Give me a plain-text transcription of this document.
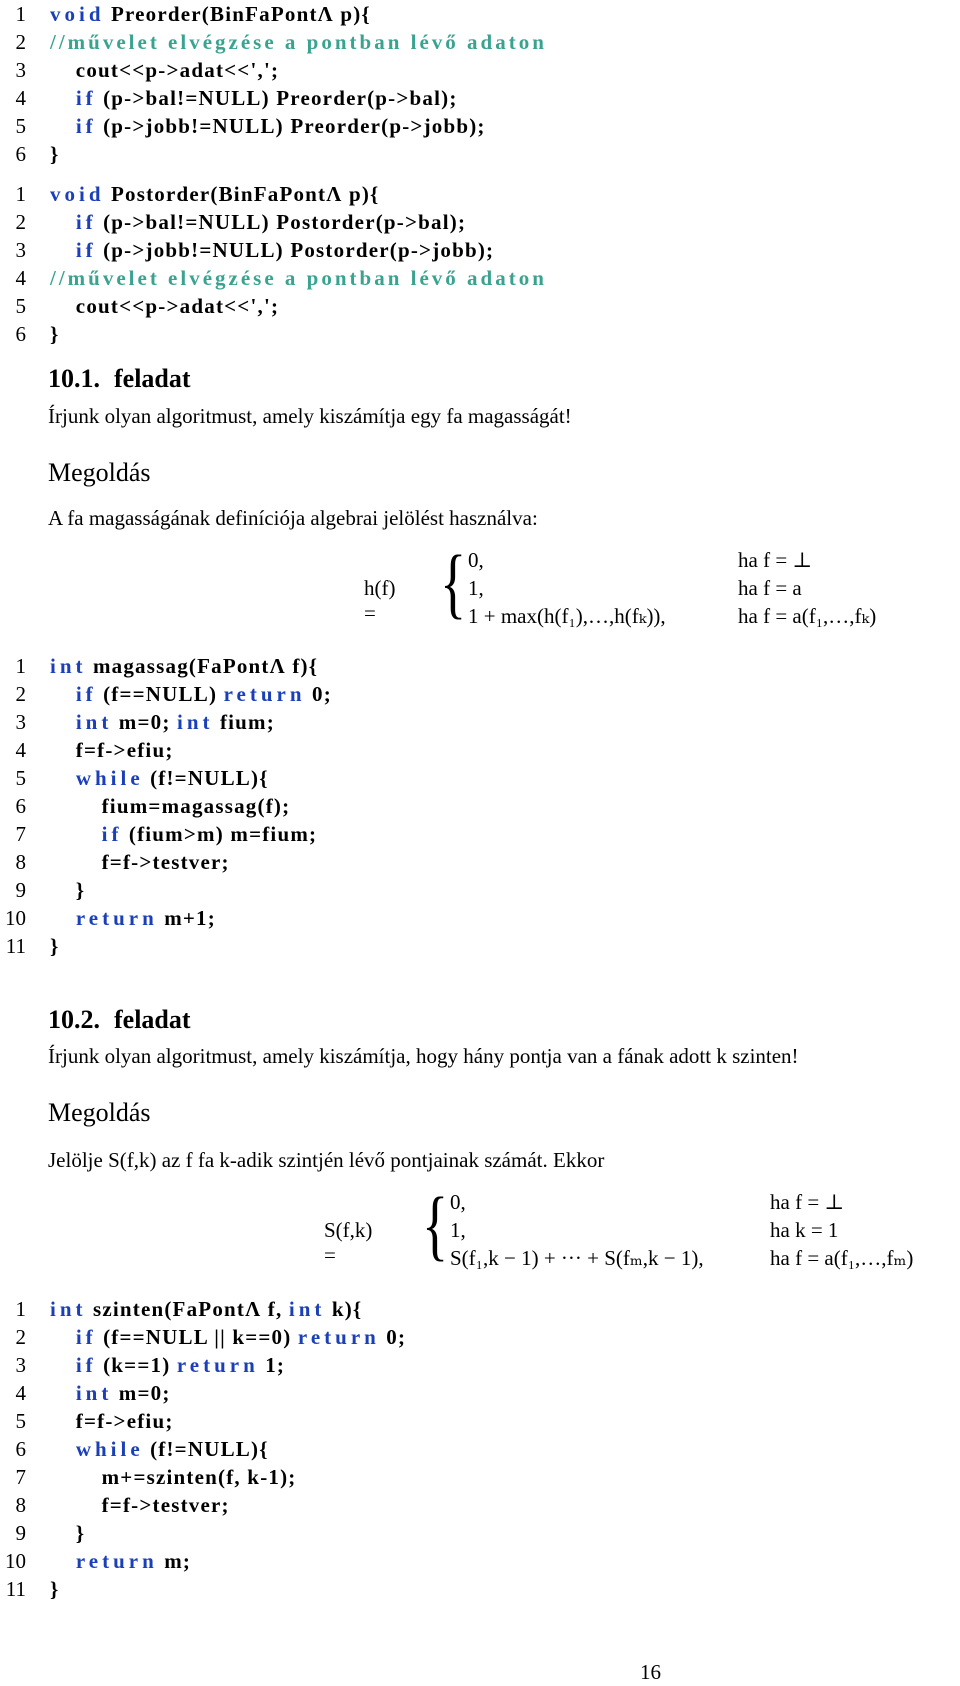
1 void Preorder(BinFaPontΛ p){
2 //művelet elvégzése a pontban lévő adaton
3 cout<<p->adat<<',';
4	if (p->bal!=NULL) Preorder(p->bal);
5	if (p->jobb!=NULL) Preorder(p->jobb);
6 }
1 void Postorder(BinFaPontΛ p){
2	if (p->bal!=NULL) Postorder(p->bal);
3	if (p->jobb!=NULL) Postorder(p->jobb);
4 //művelet elvégzése a pontban lévő adaton
5 cout<<p->adat<<',';
6 }
10.1. feladat
Írjunk olyan algoritmust, amely kiszámítja egy fa magasságát!
Megoldás
A fa magasságának definíciója algebrai jelölést használva:
h(f) = { 0,	ha f = ⊥
1,	ha f = a
1 + max(h(f₁),…,h(fₖ)),	ha f = a(f₁,…,fₖ)
1 int magassag(FaPontΛ f){
2	if (f==NULL) return 0;
3	int m=0; int fium;
4 f=f->efiu;
5	while (f!=NULL){
6 fium=magassag(f);
7	if (fium>m) m=fium;
8 f=f->testver;
9 }
10	return m+1;
11 }
10.2. feladat
Írjunk olyan algoritmust, amely kiszámítja, hogy hány pontja van a fának adott k szinten!
Megoldás
Jelölje S(f,k) az f fa k-adik szintjén lévő pontjainak számát. Ekkor
S(f,k) =	{ 0,	ha f = ⊥
1,	ha k = 1
S(f₁,k − 1) + ··· + S(fₘ,k − 1),	ha f = a(f₁,…,fₘ)
1 int szinten(FaPontΛ f, int k){
2	if (f==NULL || k==0) return 0;
3	if (k==1) return 1;
4	int m=0;
5 f=f->efiu;
6	while (f!=NULL){
7 m+=szinten(f, k-1);
8 f=f->testver;
9 }
10	return m;
11 }
16
